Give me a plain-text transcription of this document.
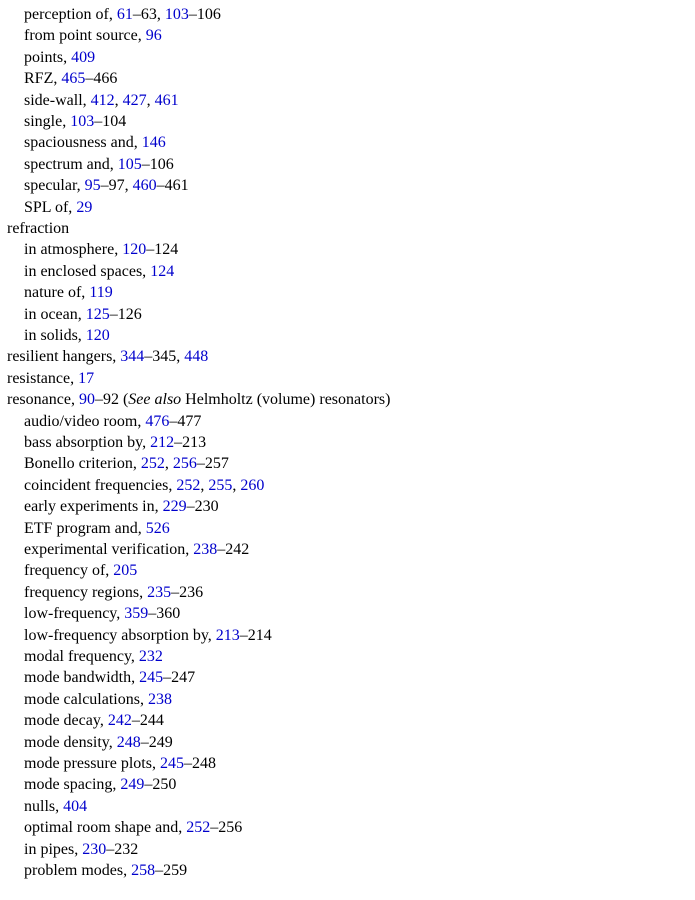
perception of, 61–63, 103–106
from point source, 96
points, 409
RFZ, 465–466
side-wall, 412, 427, 461
single, 103–104
spaciousness and, 146
spectrum and, 105–106
specular, 95–97, 460–461
SPL of, 29
refraction
in atmosphere, 120–124
in enclosed spaces, 124
nature of, 119
in ocean, 125–126
in solids, 120
resilient hangers, 344–345, 448
resistance, 17
resonance, 90–92 (See also Helmholtz (volume) resonators)
audio/video room, 476–477
bass absorption by, 212–213
Bonello criterion, 252, 256–257
coincident frequencies, 252, 255, 260
early experiments in, 229–230
ETF program and, 526
experimental verification, 238–242
frequency of, 205
frequency regions, 235–236
low-frequency, 359–360
low-frequency absorption by, 213–214
modal frequency, 232
mode bandwidth, 245–247
mode calculations, 238
mode decay, 242–244
mode density, 248–249
mode pressure plots, 245–248
mode spacing, 249–250
nulls, 404
optimal room shape and, 252–256
in pipes, 230–232
problem modes, 258–259
